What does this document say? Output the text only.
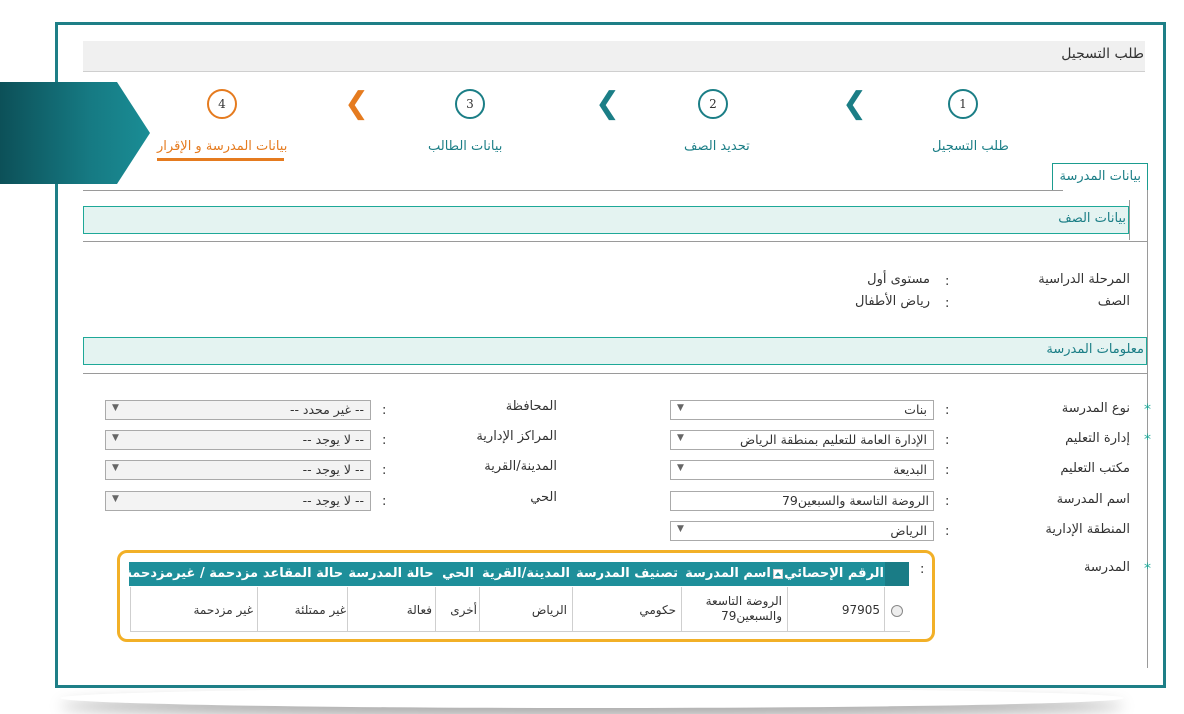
طلب التسجيل
1
طلب التسجيل
❮
2
تحديد الصف
❮
3
بيانات الطالب
❮
4
بيانات المدرسة و الإقرار
بيانات المدرسة
بيانات الصف
المرحلة الدراسية
:
مستوى أول
الصف
:
رياض الأطفال
معلومات المدرسة
*
نوع المدرسة
:
بنات
▼
*
إدارة التعليم
:
الإدارة العامة للتعليم بمنطقة الرياض
▼
مكتب التعليم
:
البديعة
▼
اسم المدرسة
:
الروضة التاسعة والسبعين79
المنطقة الإدارية
:
الرياض
▼
*
المدرسة
:
المحافظة
:
-- غير محدد --
▼
المراكز الإدارية
:
-- لا يوجد --
▼
المدينة/القرية
:
-- لا يوجد --
▼
الحي
:
-- لا يوجد --
▼
الرقم الإحصائي
اسم المدرسة
تصنيف المدرسة
المدينة/القرية
الحي
حالة المدرسة
حالة المقاعد
مزدحمة / غيرمزدحمة
97905
الروضة التاسعة والسبعين79
حكومي
الرياض
أخرى
فعالة
غير ممتلئة
غير مزدحمة
